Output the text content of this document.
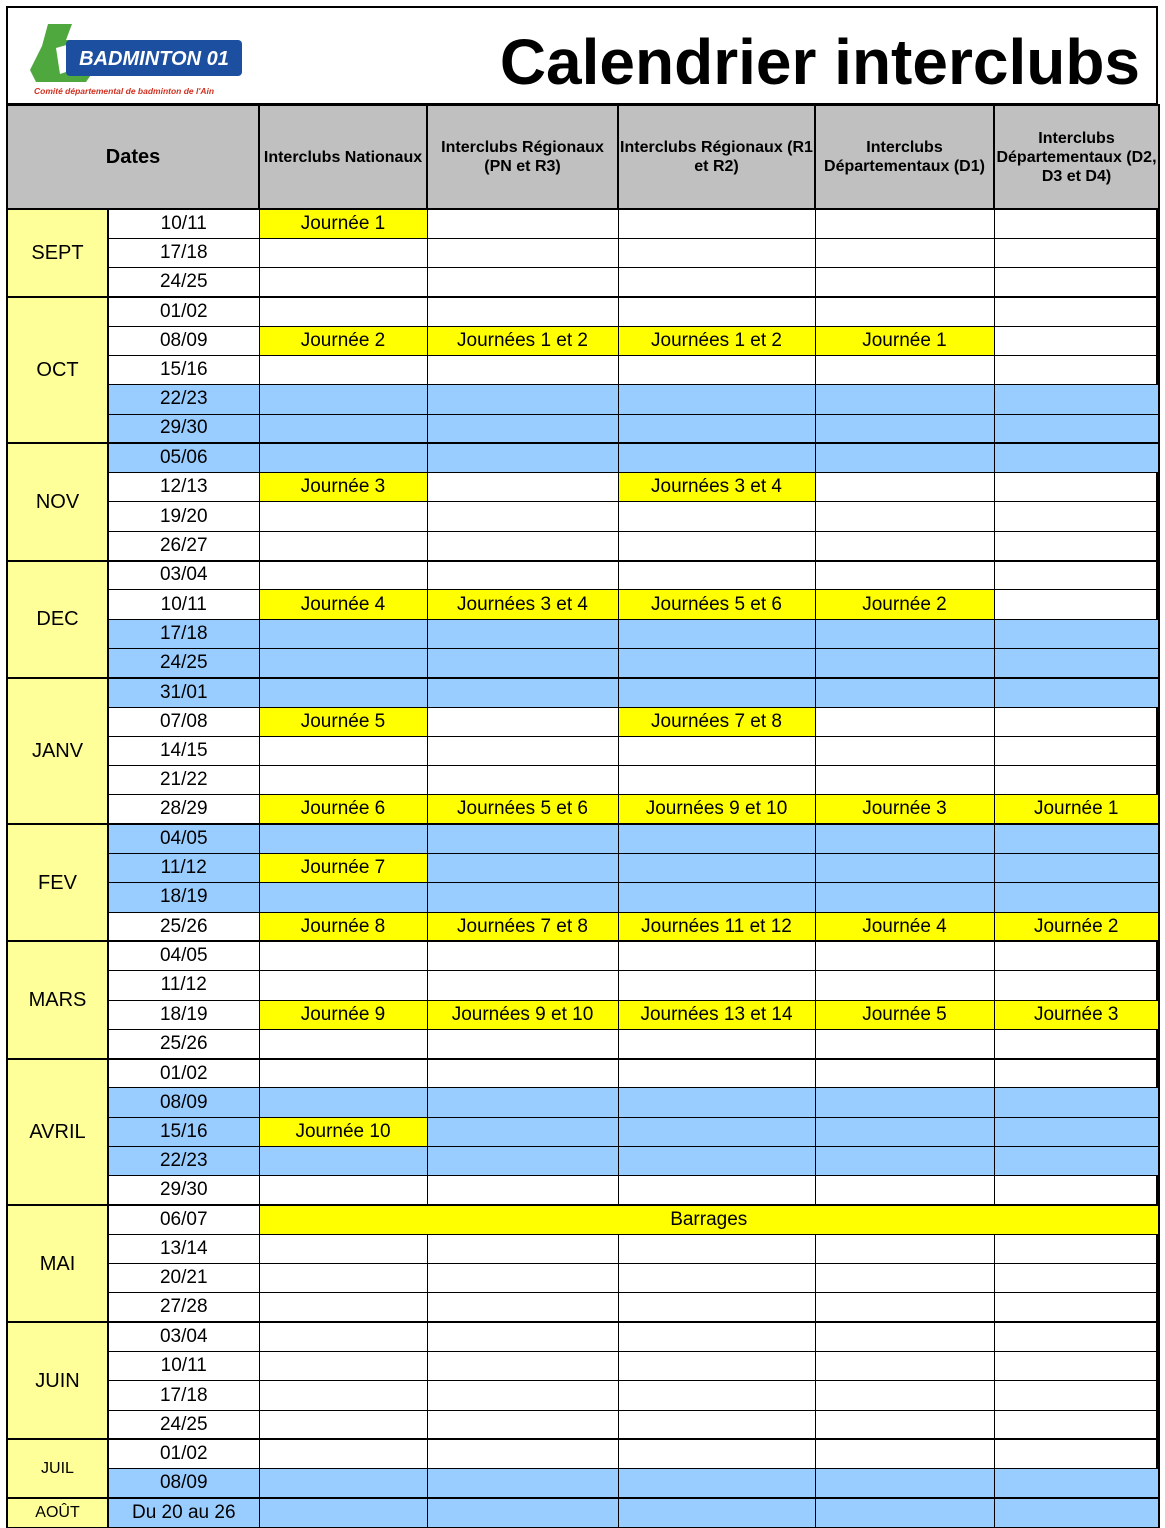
BADMINTON 01
Comité départemental de badminton de l'Ain	Calendrier interclubs
Dates		Interclubs Nationaux	Interclubs Régionaux (PN et R3)	Interclubs Régionaux (R1 et R2)	Interclubs Départementaux (D1)	Interclubs Départementaux (D2, D3 et D4)
SEPT	10/11	Journée 1				
	17/18					
	24/25					
OCT	01/02					
	08/09	Journée 2	Journées 1 et 2	Journées 1 et 2	Journée 1	
	15/16					
	22/23					
	29/30					
NOV	05/06					
	12/13	Journée 3		Journées 3 et 4		
	19/20					
	26/27					
DEC	03/04					
	10/11	Journée 4	Journées 3 et 4	Journées 5 et 6	Journée 2	
	17/18					
	24/25					
JANV	31/01					
	07/08	Journée 5		Journées 7 et 8		
	14/15					
	21/22					
	28/29	Journée 6	Journées 5 et 6	Journées 9 et 10	Journée 3	Journée 1
FEV	04/05					
	11/12	Journée 7				
	18/19					
	25/26	Journée 8	Journées 7 et 8	Journées 11 et 12	Journée 4	Journée 2
MARS	04/05					
	11/12					
	18/19	Journée 9	Journées 9 et 10	Journées 13 et 14	Journée 5	Journée 3
	25/26					
AVRIL	01/02					
	08/09					
	15/16	Journée 10				
	22/23					
	29/30					
MAI	06/07	Barrages				
	13/14					
	20/21					
	27/28					
JUIN	03/04					
	10/11					
	17/18					
	24/25					
JUIL	01/02					
	08/09					
AOÛT	Du 20 au 26					
